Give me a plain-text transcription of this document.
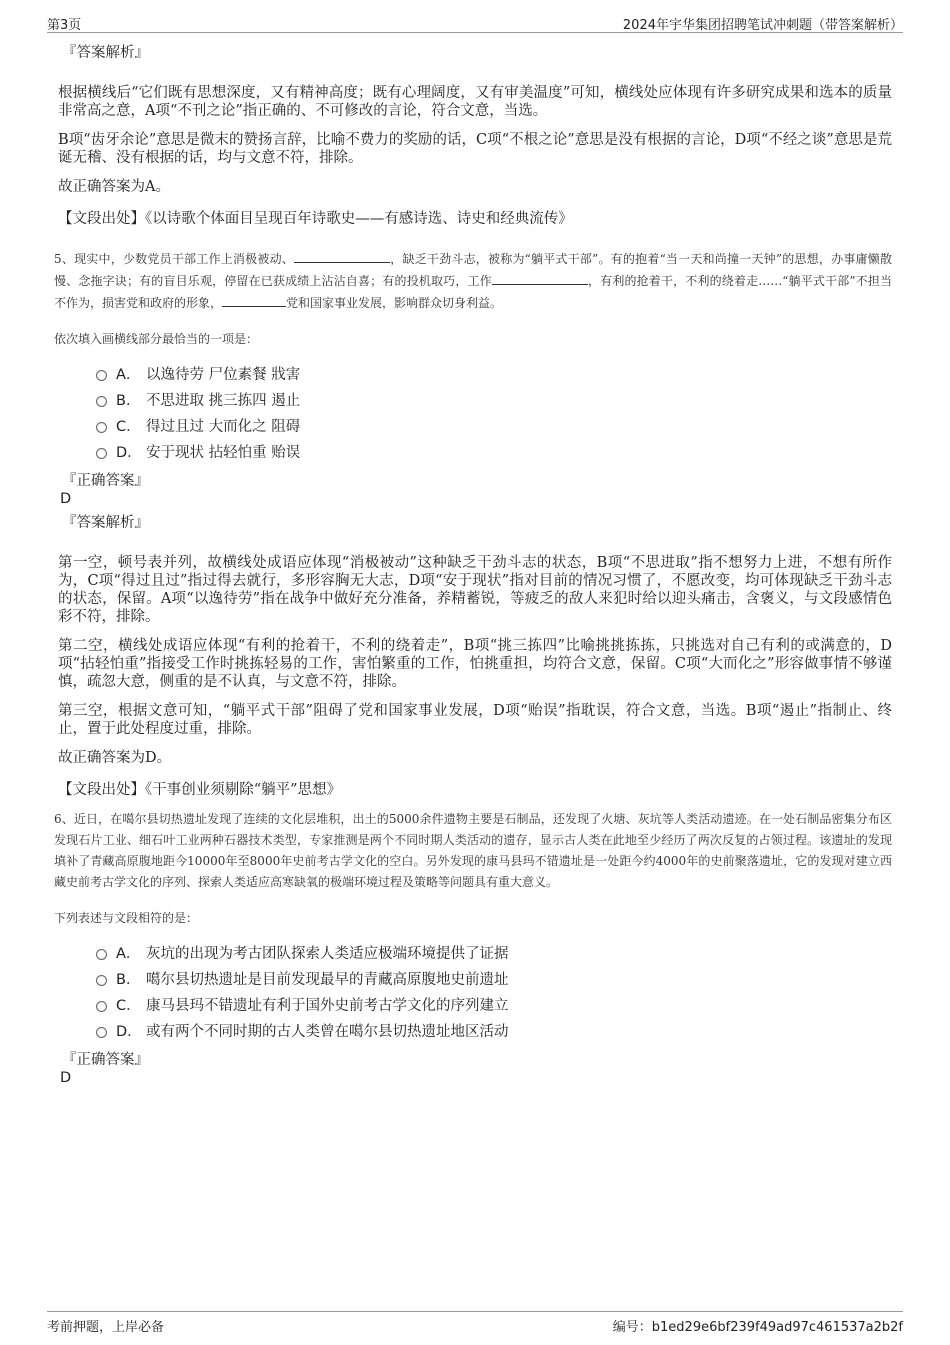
第3页	2024年宇华集团招聘笔试冲刺题（带答案解析）
『答案解析』

根据横线后“它们既有思想深度，又有精神高度；既有心理阔度，又有审美温度”可知，横线处应体现有许多研究成果和选本的质量非常高之意，A项“不刊之论”指正确的、不可修改的言论，符合文意，当选。

B项“齿牙余论”意思是微末的赞扬言辞，比喻不费力的奖励的话，C项“不根之论”意思是没有根据的言论，D项“不经之谈”意思是荒诞无稽、没有根据的话，均与文意不符，排除。

故正确答案为A。

【文段出处】《以诗歌个体面目呈现百年诗歌史——有感诗选、诗史和经典流传》

5、现实中，少数党员干部工作上消极被动、	，缺乏干劲斗志，被称为“躺平式干部”。有的抱着“当一天和尚撞一天钟”的思想，办事庸懒散慢、念拖字诀；有的盲目乐观，停留在已获成绩上沾沾自喜；有的投机取巧，工作	，有利的抢着干，不利的绕着走……“躺平式干部”不担当不作为，损害党和政府的形象，	党和国家事业发展，影响群众切身利益。
依次填入画横线部分最恰当的一项是：
A． 以逸待劳 尸位素餐 戕害
B． 不思进取 挑三拣四 遏止
C． 得过且过 大而化之 阻碍
D． 安于现状 拈轻怕重 贻误
『正确答案』
D
『答案解析』

第一空，顿号表并列，故横线处成语应体现“消极被动”这种缺乏干劲斗志的状态，B项“不思进取”指不想努力上进，不想有所作为，C项“得过且过”指过得去就行，多形容胸无大志，D项“安于现状”指对目前的情况习惯了，不愿改变，均可体现缺乏干劲斗志的状态，保留。A项“以逸待劳”指在战争中做好充分准备，养精蓄锐，等疲乏的敌人来犯时给以迎头痛击，含褒义，与文段感情色彩不符，排除。

第二空，横线处成语应体现“有利的抢着干，不利的绕着走”，B项“挑三拣四”比喻挑挑拣拣，只挑选对自己有利的或满意的，D项“拈轻怕重”指接受工作时挑拣轻易的工作，害怕繁重的工作，怕挑重担，均符合文意，保留。C项“大而化之”形容做事情不够谨慎，疏忽大意，侧重的是不认真，与文意不符，排除。

第三空，根据文意可知，“躺平式干部”阻碍了党和国家事业发展，D项“贻误”指耽误，符合文意，当选。B项“遏止”指制止、终止，置于此处程度过重，排除。

故正确答案为D。

【文段出处】《干事创业须剔除“躺平”思想》

6、近日，在噶尔县切热遗址发现了连续的文化层堆积，出土的5000余件遗物主要是石制品，还发现了火塘、灰坑等人类活动遗迹。在一处石制品密集分布区发现石片工业、细石叶工业两种石器技术类型，专家推测是两个不同时期人类活动的遗存，显示古人类在此地至少经历了两次反复的占领过程。该遗址的发现填补了青藏高原腹地距今10000年至8000年史前考古学文化的空白。另外发现的康马县玛不错遗址是一处距今约4000年的史前聚落遗址，它的发现对建立西藏史前考古学文化的序列、探索人类适应高寒缺氧的极端环境过程及策略等问题具有重大意义。
下列表述与文段相符的是：
A． 灰坑的出现为考古团队探索人类适应极端环境提供了证据
B． 噶尔县切热遗址是目前发现最早的青藏高原腹地史前遗址
C． 康马县玛不错遗址有利于国外史前考古学文化的序列建立
D． 或有两个不同时期的古人类曾在噶尔县切热遗址地区活动
『正确答案』
D
考前押题，上岸必备	编号：b1ed29e6bf239f49ad97c461537a2b2f
